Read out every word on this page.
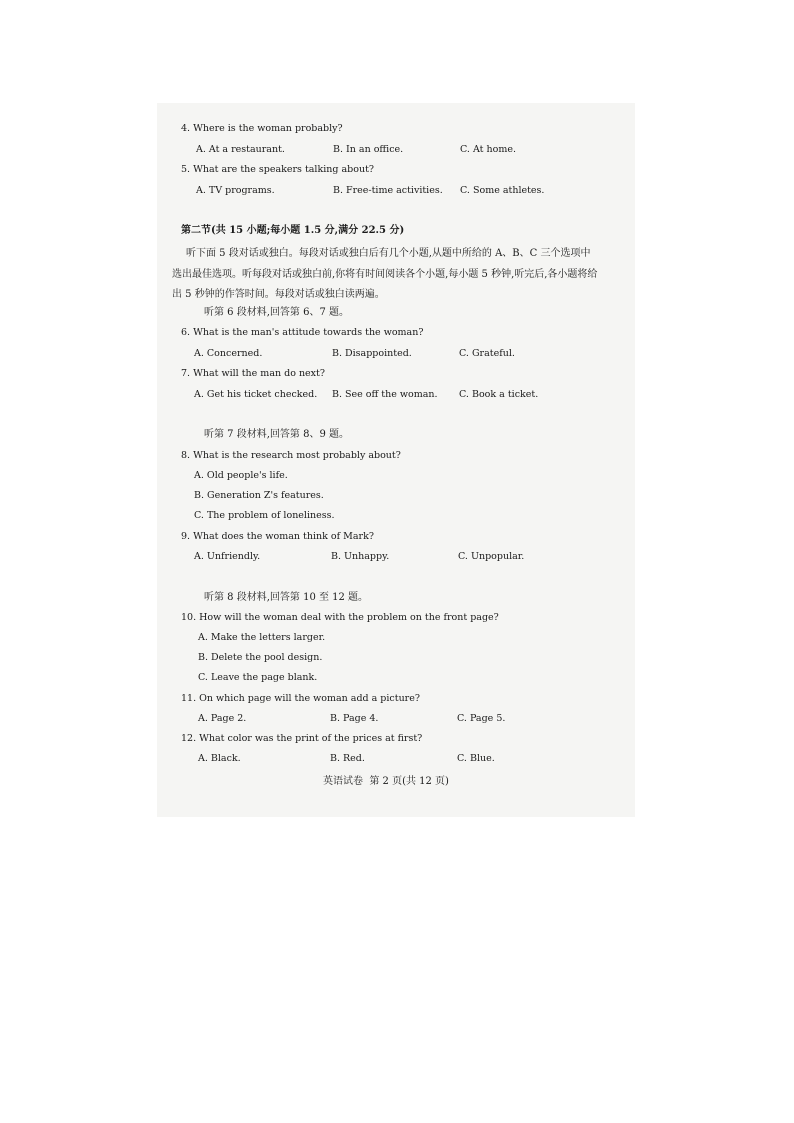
4. Where is the woman probably?
A. At a restaurant.	B. In an office.	C. At home.
5. What are the speakers talking about?
A. TV programs.	B. Free-time activities. C. Some athletes.
第二节(共 15 小题;每小题 1.5 分,满分 22.5 分)
听下面 5 段对话或独白。每段对话或独白后有几个小题,从题中所给的 A、B、C 三个选项中选出最佳选项。听每段对话或独白前,你将有时间阅读各个小题,每小题 5 秒钟,听完后,各小题将给出 5 秒钟的作答时间。每段对话或独白读两遍。
听第 6 段材料,回答第 6、7 题。
6. What is the man's attitude towards the woman?
A. Concerned.	B. Disappointed.	C. Grateful.
7. What will the man do next?
A. Get his ticket checked. B. See off the woman. C. Book a ticket.
听第 7 段材料,回答第 8、9 题。
8. What is the research most probably about?
A. Old people's life.
B. Generation Z's features.
C. The problem of loneliness.
9. What does the woman think of Mark?
A. Unfriendly.	B. Unhappy.	C. Unpopular.
听第 8 段材料,回答第 10 至 12 题。
10. How will the woman deal with the problem on the front page?
A. Make the letters larger.
B. Delete the pool design.
C. Leave the page blank.
11. On which page will the woman add a picture?
A. Page 2.	B. Page 4.	C. Page 5.
12. What color was the print of the prices at first?
A. Black.	B. Red.	C. Blue.
英语试卷  第 2 页(共 12 页)
